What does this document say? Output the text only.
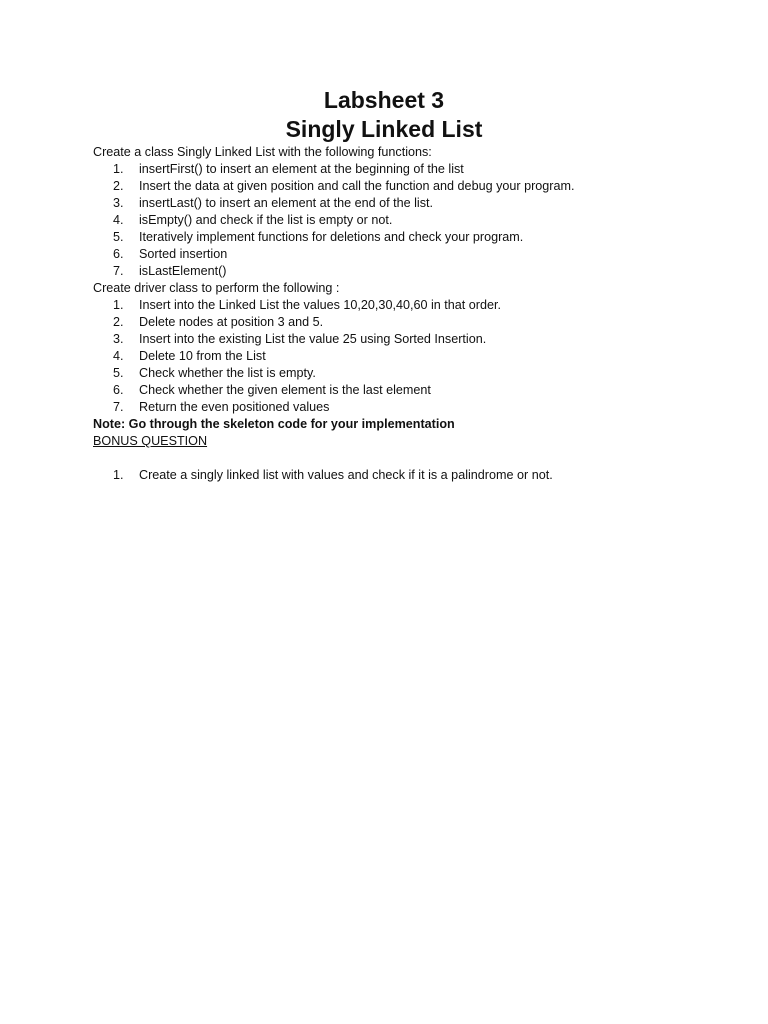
Labsheet 3
Singly Linked List

Create a class Singly Linked List with the following functions:

1.	insertFirst() to insert an element at the beginning of the list
2.	Insert the data at given position and call the function and debug your program.
3.	insertLast() to insert an element at the end of the list.
4.	isEmpty() and check if the list is empty or not.
5.	Iteratively implement functions for deletions and check your program.
6.	Sorted insertion
7.	isLastElement()

Create driver class to perform the following :

1.	Insert into the Linked List the values 10,20,30,40,60 in that order.
2.	Delete nodes at position 3 and 5.
3.	Insert into the existing List the value 25 using Sorted Insertion.
4.	Delete 10 from the List
5.	Check whether the list is empty.
6.	Check whether the given element is the last element
7.	Return the even positioned values

Note: Go through the skeleton code for your implementation

BONUS QUESTION

1.	Create a singly linked list with values and check if it is a palindrome or not.
